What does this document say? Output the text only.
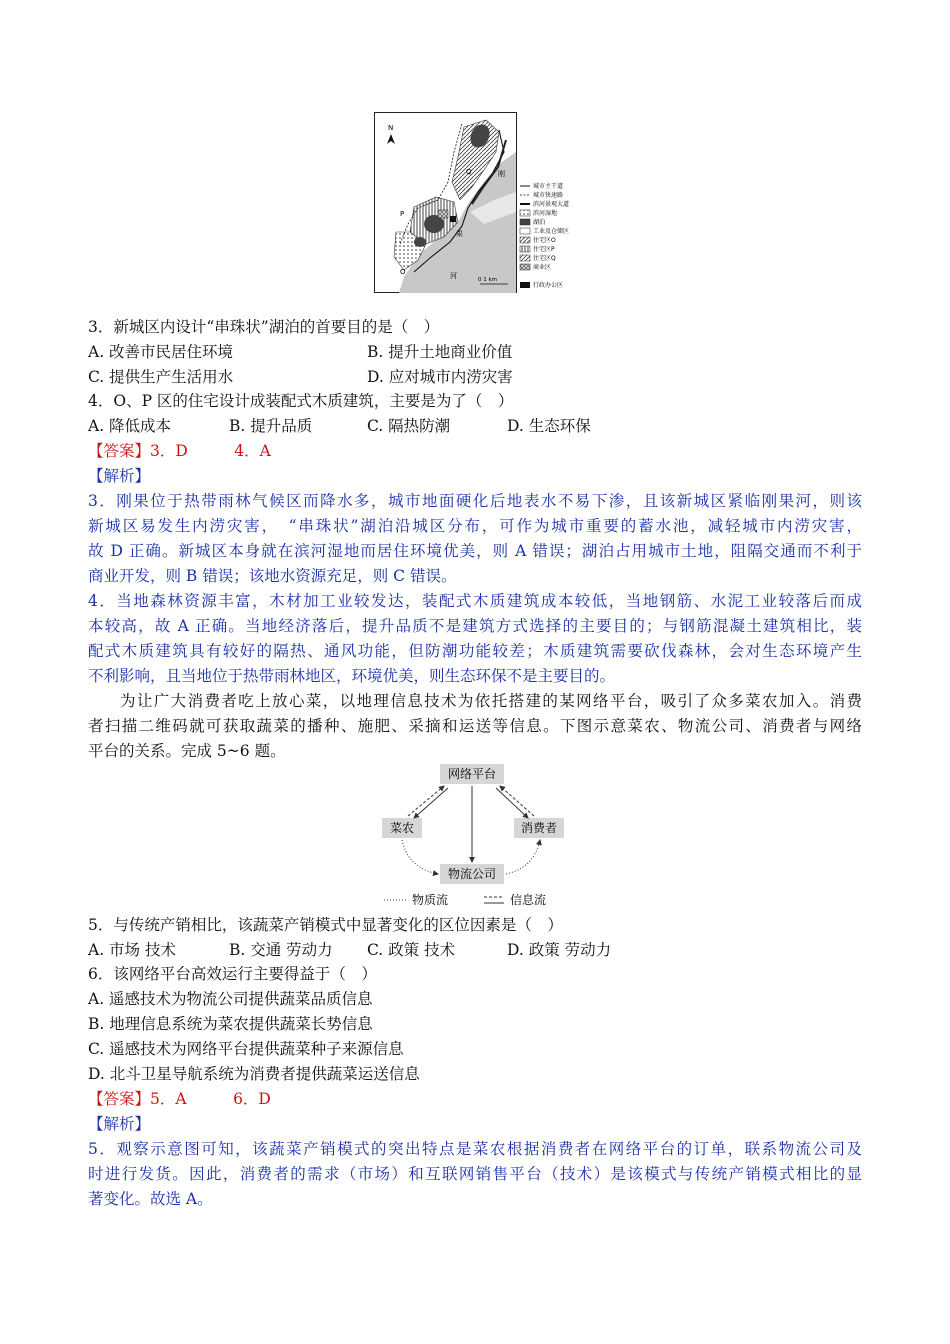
N
Q
P
O
刚
果
河	0 1 km
城市主干道
城市快速路
滨河景观大道
滨河湿地
湖泊
工业及仓储区
住宅区O
住宅区P
住宅区Q
商业区
行政办公区
3．新城区内设计“串珠状”湖泊的首要目的是（　）
A. 改善市民居住环境	B. 提升土地商业价值
C. 提供生产生活用水	D. 应对城市内涝灾害
4．O、P 区的住宅设计成装配式木质建筑，主要是为了（　）
A. 降低成本	B. 提升品质	C. 隔热防潮	D. 生态环保
【答案】3．D　　　4．A
【解析】
3．刚果位于热带雨林气候区而降水多，城市地面硬化后地表水不易下渗，且该新城区紧临刚果河，则该
新城区易发生内涝灾害，　“串珠状”湖泊沿城区分布，可作为城市重要的蓄水池，减轻城市内涝灾害，
故 D 正确。新城区本身就在滨河湿地而居住环境优美，则 A 错误；湖泊占用城市土地，阻隔交通而不利于
商业开发，则 B 错误；该地水资源充足，则 C 错误。
4．当地森林资源丰富，木材加工业较发达，装配式木质建筑成本较低，当地钢筋、水泥工业较落后而成
本较高，故 A 正确。当地经济落后，提升品质不是建筑方式选择的主要目的；与钢筋混凝土建筑相比，装
配式木质建筑具有较好的隔热、通风功能，但防潮功能较差；木质建筑需要砍伐森林，会对生态环境产生
不利影响，且当地位于热带雨林地区，环境优美，则生态环保不是主要目的。
为让广大消费者吃上放心菜，以地理信息技术为依托搭建的某网络平台，吸引了众多菜农加入。消费
者扫描二维码就可获取蔬菜的播种、施肥、采摘和运送等信息。下图示意菜农、物流公司、消费者与网络
平台的关系。完成 5~6 题。
网络平台
菜农	消费者
物流公司
物质流	信息流
5．与传统产销相比，该蔬菜产销模式中显著变化的区位因素是（　）
A. 市场 技术	B. 交通 劳动力 C. 政策 技术	D. 政策 劳动力
6．该网络平台高效运行主要得益于（　）
A. 遥感技术为物流公司提供蔬菜品质信息
B. 地理信息系统为菜农提供蔬菜长势信息
C. 遥感技术为网络平台提供蔬菜种子来源信息
D. 北斗卫星导航系统为消费者提供蔬菜运送信息
【答案】5．A　　　6．D
【解析】
5．观察示意图可知，该蔬菜产销模式的突出特点是菜农根据消费者在网络平台的订单，联系物流公司及
时进行发货。因此，消费者的需求（市场）和互联网销售平台（技术）是该模式与传统产销模式相比的显
著变化。故选 A。
